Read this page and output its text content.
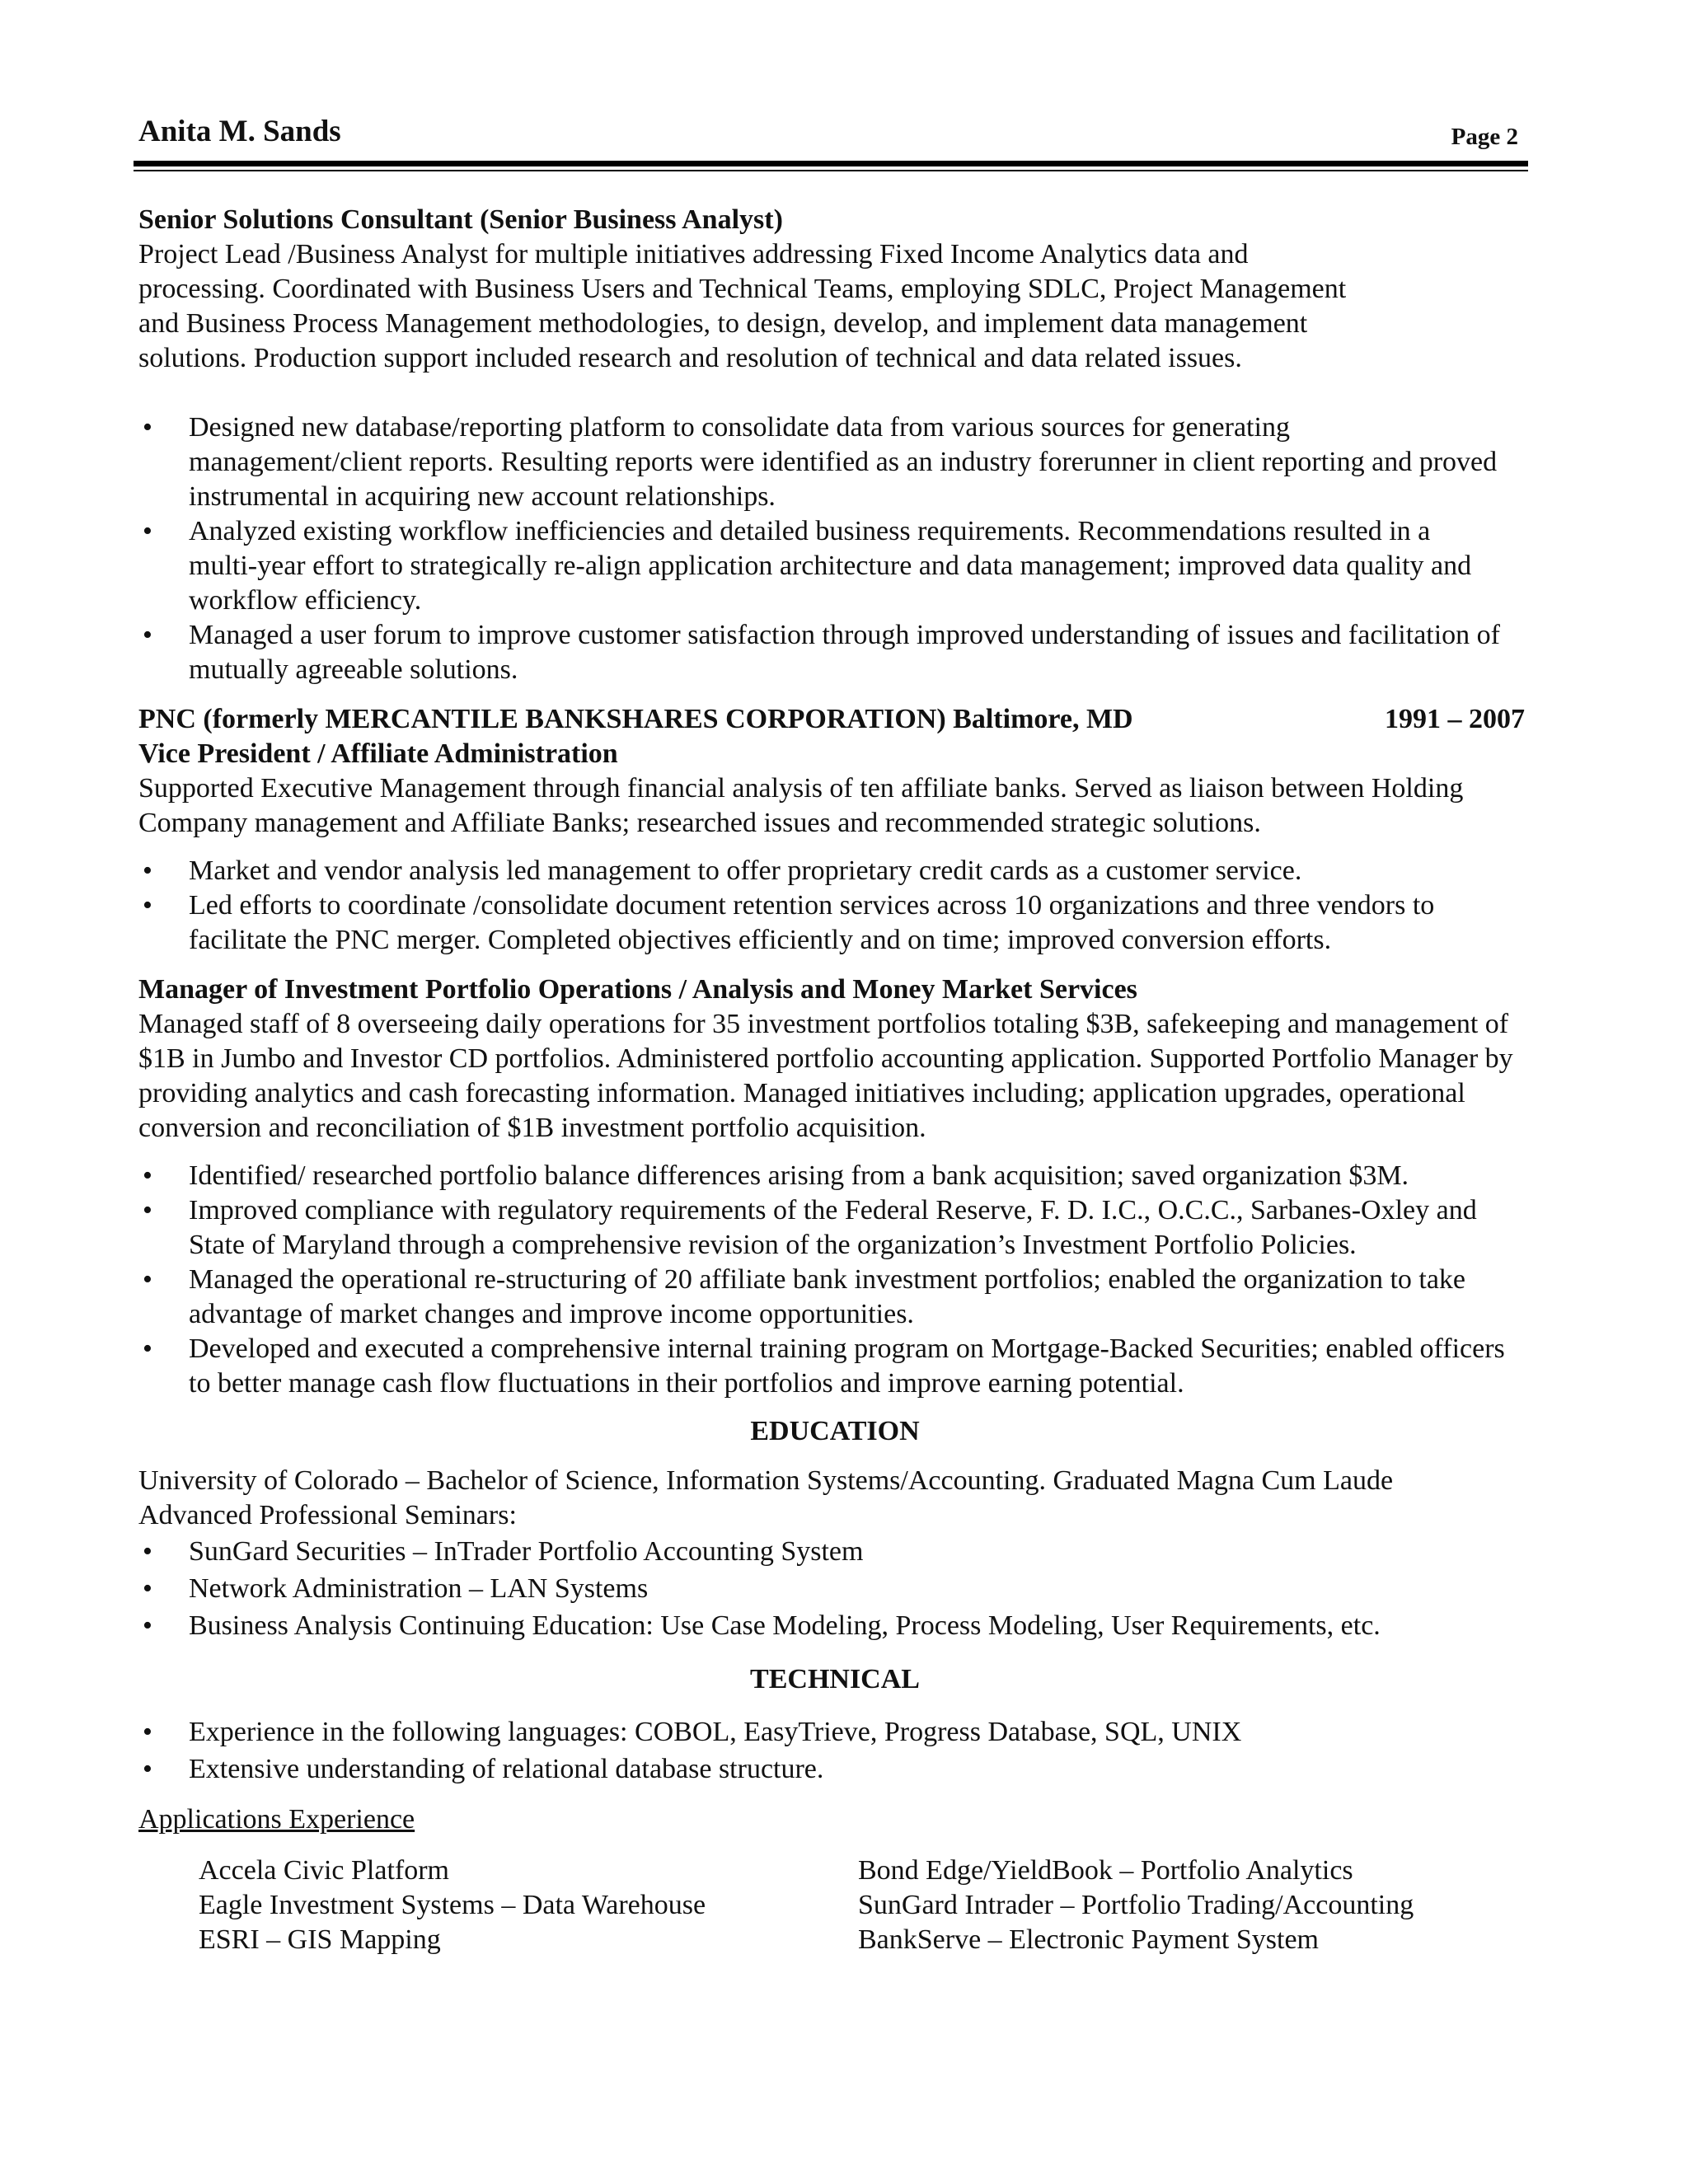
Anita M. Sands	Page 2

Senior Solutions Consultant (Senior Business Analyst)

Project Lead /Business Analyst for multiple initiatives addressing Fixed Income Analytics data and processing. Coordinated with Business Users and Technical Teams, employing SDLC, Project Management and Business Process Management methodologies, to design, develop, and implement data management solutions. Production support included research and resolution of technical and data related issues.

• Designed new database/reporting platform to consolidate data from various sources for generating management/client reports. Resulting reports were identified as an industry forerunner in client reporting and proved instrumental in acquiring new account relationships.
• Analyzed existing workflow inefficiencies and detailed business requirements. Recommendations resulted in a multi-year effort to strategically re-align application architecture and data management; improved data quality and workflow efficiency.
• Managed a user forum to improve customer satisfaction through improved understanding of issues and facilitation of mutually agreeable solutions.
PNC (formerly MERCANTILE BANKSHARES CORPORATION) Baltimore, MD	1991 – 2007

Vice President / Affiliate Administration

Supported Executive Management through financial analysis of ten affiliate banks. Served as liaison between Holding Company management and Affiliate Banks; researched issues and recommended strategic solutions.

• Market and vendor analysis led management to offer proprietary credit cards as a customer service.
• Led efforts to coordinate /consolidate document retention services across 10 organizations and three vendors to facilitate the PNC merger. Completed objectives efficiently and on time; improved conversion efforts.

Manager of Investment Portfolio Operations / Analysis and Money Market Services

Managed staff of 8 overseeing daily operations for 35 investment portfolios totaling $3B, safekeeping and management of $1B in Jumbo and Investor CD portfolios. Administered portfolio accounting application. Supported Portfolio Manager by providing analytics and cash forecasting information. Managed initiatives including; application upgrades, operational conversion and reconciliation of $1B investment portfolio acquisition.

• Identified/ researched portfolio balance differences arising from a bank acquisition; saved organization $3M.
• Improved compliance with regulatory requirements of the Federal Reserve, F. D. I.C., O.C.C., Sarbanes-Oxley and State of Maryland through a comprehensive revision of the organization’s Investment Portfolio Policies.
• Managed the operational re-structuring of 20 affiliate bank investment portfolios; enabled the organization to take advantage of market changes and improve income opportunities.
• Developed and executed a comprehensive internal training program on Mortgage-Backed Securities; enabled officers to better manage cash flow fluctuations in their portfolios and improve earning potential.

EDUCATION

University of Colorado – Bachelor of Science, Information Systems/Accounting. Graduated Magna Cum Laude

Advanced Professional Seminars:

• SunGard Securities – InTrader Portfolio Accounting System
• Network Administration – LAN Systems
• Business Analysis Continuing Education: Use Case Modeling, Process Modeling, User Requirements, etc.

TECHNICAL

• Experience in the following languages: COBOL, EasyTrieve, Progress Database, SQL, UNIX
• Extensive understanding of relational database structure.

Applications Experience

Accela Civic Platform
Eagle Investment Systems – Data Warehouse
ESRI – GIS Mapping
Bond Edge/YieldBook – Portfolio Analytics
SunGard Intrader – Portfolio Trading/Accounting
BankServe – Electronic Payment System
